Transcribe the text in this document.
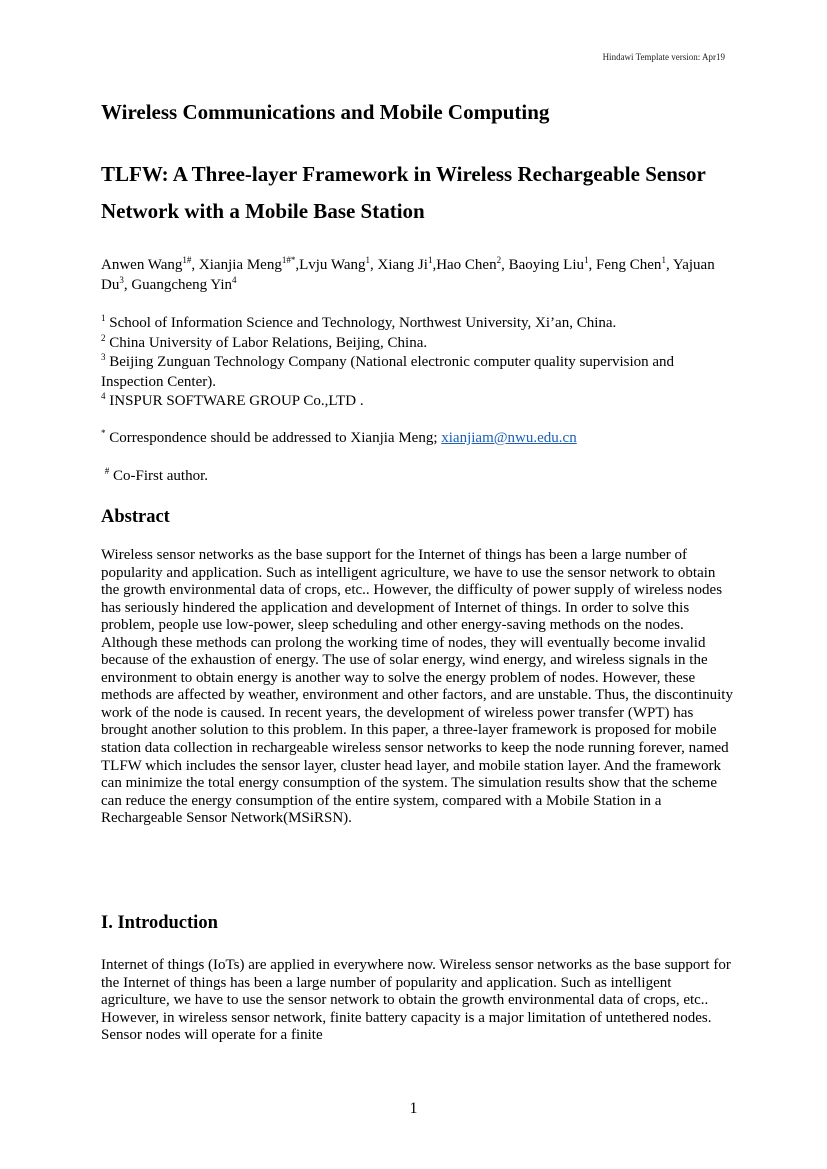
Hindawi Template version: Apr19
Wireless Communications and Mobile Computing
TLFW: A Three-layer Framework in Wireless Rechargeable Sensor Network with a Mobile Base Station

Anwen Wang$^{1\#}$, Xianjia Meng$^{1\#*}$,Lvju Wang$^1$, Xiang Ji$^1$,Hao Chen$^2$, Baoying Liu$^1$, Feng Chen$^1$, Yajuan Du$^3$, Guangcheng Yin$^4$

$^1$ School of Information Science and Technology, Northwest University, Xi’an, China.
$^2$ China University of Labor Relations, Beijing, China.
$^3$ Beijing Zunguan Technology Company (National electronic computer quality supervision and Inspection Center).
$^4$ INSPUR SOFTWARE GROUP Co.,LTD .
* Correspondence should be addressed to Xianjia Meng; xianjiam@nwu.edu.cn
# Co-First author.
Abstract

Wireless sensor networks as the base support for the Internet of things has been a large number of popularity and application. Such as intelligent agriculture, we have to use the sensor network to obtain the growth environmental data of crops, etc.. However, the difficulty of power supply of wireless nodes has seriously hindered the application and development of Internet of things. In order to solve this problem, people use low-power, sleep scheduling and other energy-saving methods on the nodes. Although these methods can prolong the working time of nodes, they will eventually become invalid because of the exhaustion of energy. The use of solar energy, wind energy, and wireless signals in the environment to obtain energy is another way to solve the energy problem of nodes. However, these methods are affected by weather, environment and other factors, and are unstable. Thus, the discontinuity work of the node is caused. In recent years, the development of wireless power transfer (WPT) has brought another solution to this problem. In this paper, a three-layer framework is proposed for mobile station data collection in rechargeable wireless sensor networks to keep the node running forever, named TLFW which includes the sensor layer, cluster head layer, and mobile station layer. And the framework can minimize the total energy consumption of the system. The simulation results show that the scheme can reduce the energy consumption of the entire system, compared with a Mobile Station in a Rechargeable Sensor Network(MSiRSN).

I. Introduction

Internet of things (IoTs) are applied in everywhere now. Wireless sensor networks as the base support for the Internet of things has been a large number of popularity and application. Such as intelligent agriculture, we have to use the sensor network to obtain the growth environmental data of crops, etc.. However, in wireless sensor network, finite battery capacity is a major limitation of untethered nodes. Sensor nodes will operate for a finite

1
